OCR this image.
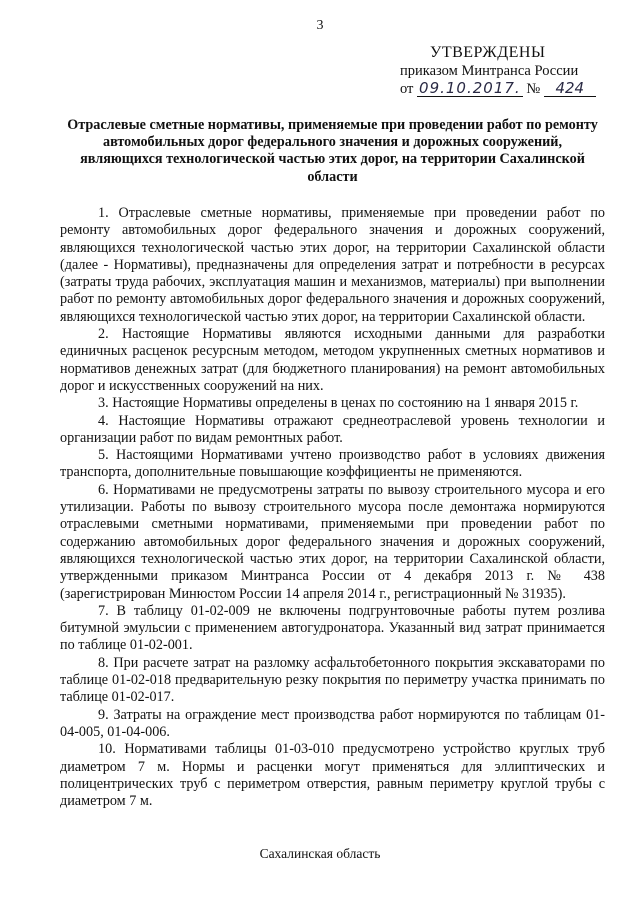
3
УТВЕРЖДЕНЫ
приказом Минтранса России
от 09.10.2017. № 424
Отраслевые сметные нормативы, применяемые при проведении работ по ремонту автомобильных дорог федерального значения и дорожных сооружений, являющихся технологической частью этих дорог, на территории Сахалинской области

1. Отраслевые сметные нормативы, применяемые при проведении работ по ремонту автомобильных дорог федерального значения и дорожных сооружений, являющихся технологической частью этих дорог, на территории Сахалинской области (далее - Нормативы), предназначены для определения затрат и потребности в ресурсах (затраты труда рабочих, эксплуатация машин и механизмов, материалы) при выполнении работ по ремонту автомобильных дорог федерального значения и дорожных сооружений, являющихся технологической частью этих дорог, на территории Сахалинской области.

2. Настоящие Нормативы являются исходными данными для разработки единичных расценок ресурсным методом, методом укрупненных сметных нормативов и нормативов денежных затрат (для бюджетного планирования) на ремонт автомобильных дорог и искусственных сооружений на них.

3. Настоящие Нормативы определены в ценах по состоянию на 1 января 2015 г.

4. Настоящие Нормативы отражают среднеотраслевой уровень технологии и организации работ по видам ремонтных работ.

5. Настоящими Нормативами учтено производство работ в условиях движения транспорта, дополнительные повышающие коэффициенты не применяются.

6. Нормативами не предусмотрены затраты по вывозу строительного мусора и его утилизации. Работы по вывозу строительного мусора после демонтажа нормируются отраслевыми сметными нормативами, применяемыми при проведении работ по содержанию автомобильных дорог федерального значения и дорожных сооружений, являющихся технологической частью этих дорог, на территории Сахалинской области, утвержденными приказом Минтранса России от 4 декабря 2013 г. № 438 (зарегистрирован Минюстом России 14 апреля 2014 г., регистрационный № 31935).

7. В таблицу 01-02-009 не включены подгрунтовочные работы путем розлива битумной эмульсии с применением автогудронатора. Указанный вид затрат принимается по таблице 01-02-001.

8. При расчете затрат на разломку асфальтобетонного покрытия экскаваторами по таблице 01-02-018 предварительную резку покрытия по периметру участка принимать по таблице 01-02-017.

9. Затраты на ограждение мест производства работ нормируются по таблицам 01-04-005, 01-04-006.

10. Нормативами таблицы 01-03-010 предусмотрено устройство круглых труб диаметром 7 м. Нормы и расценки могут применяться для эллиптических и полицентрических труб с периметром отверстия, равным периметру круглой трубы с диаметром 7 м.

Сахалинская область
